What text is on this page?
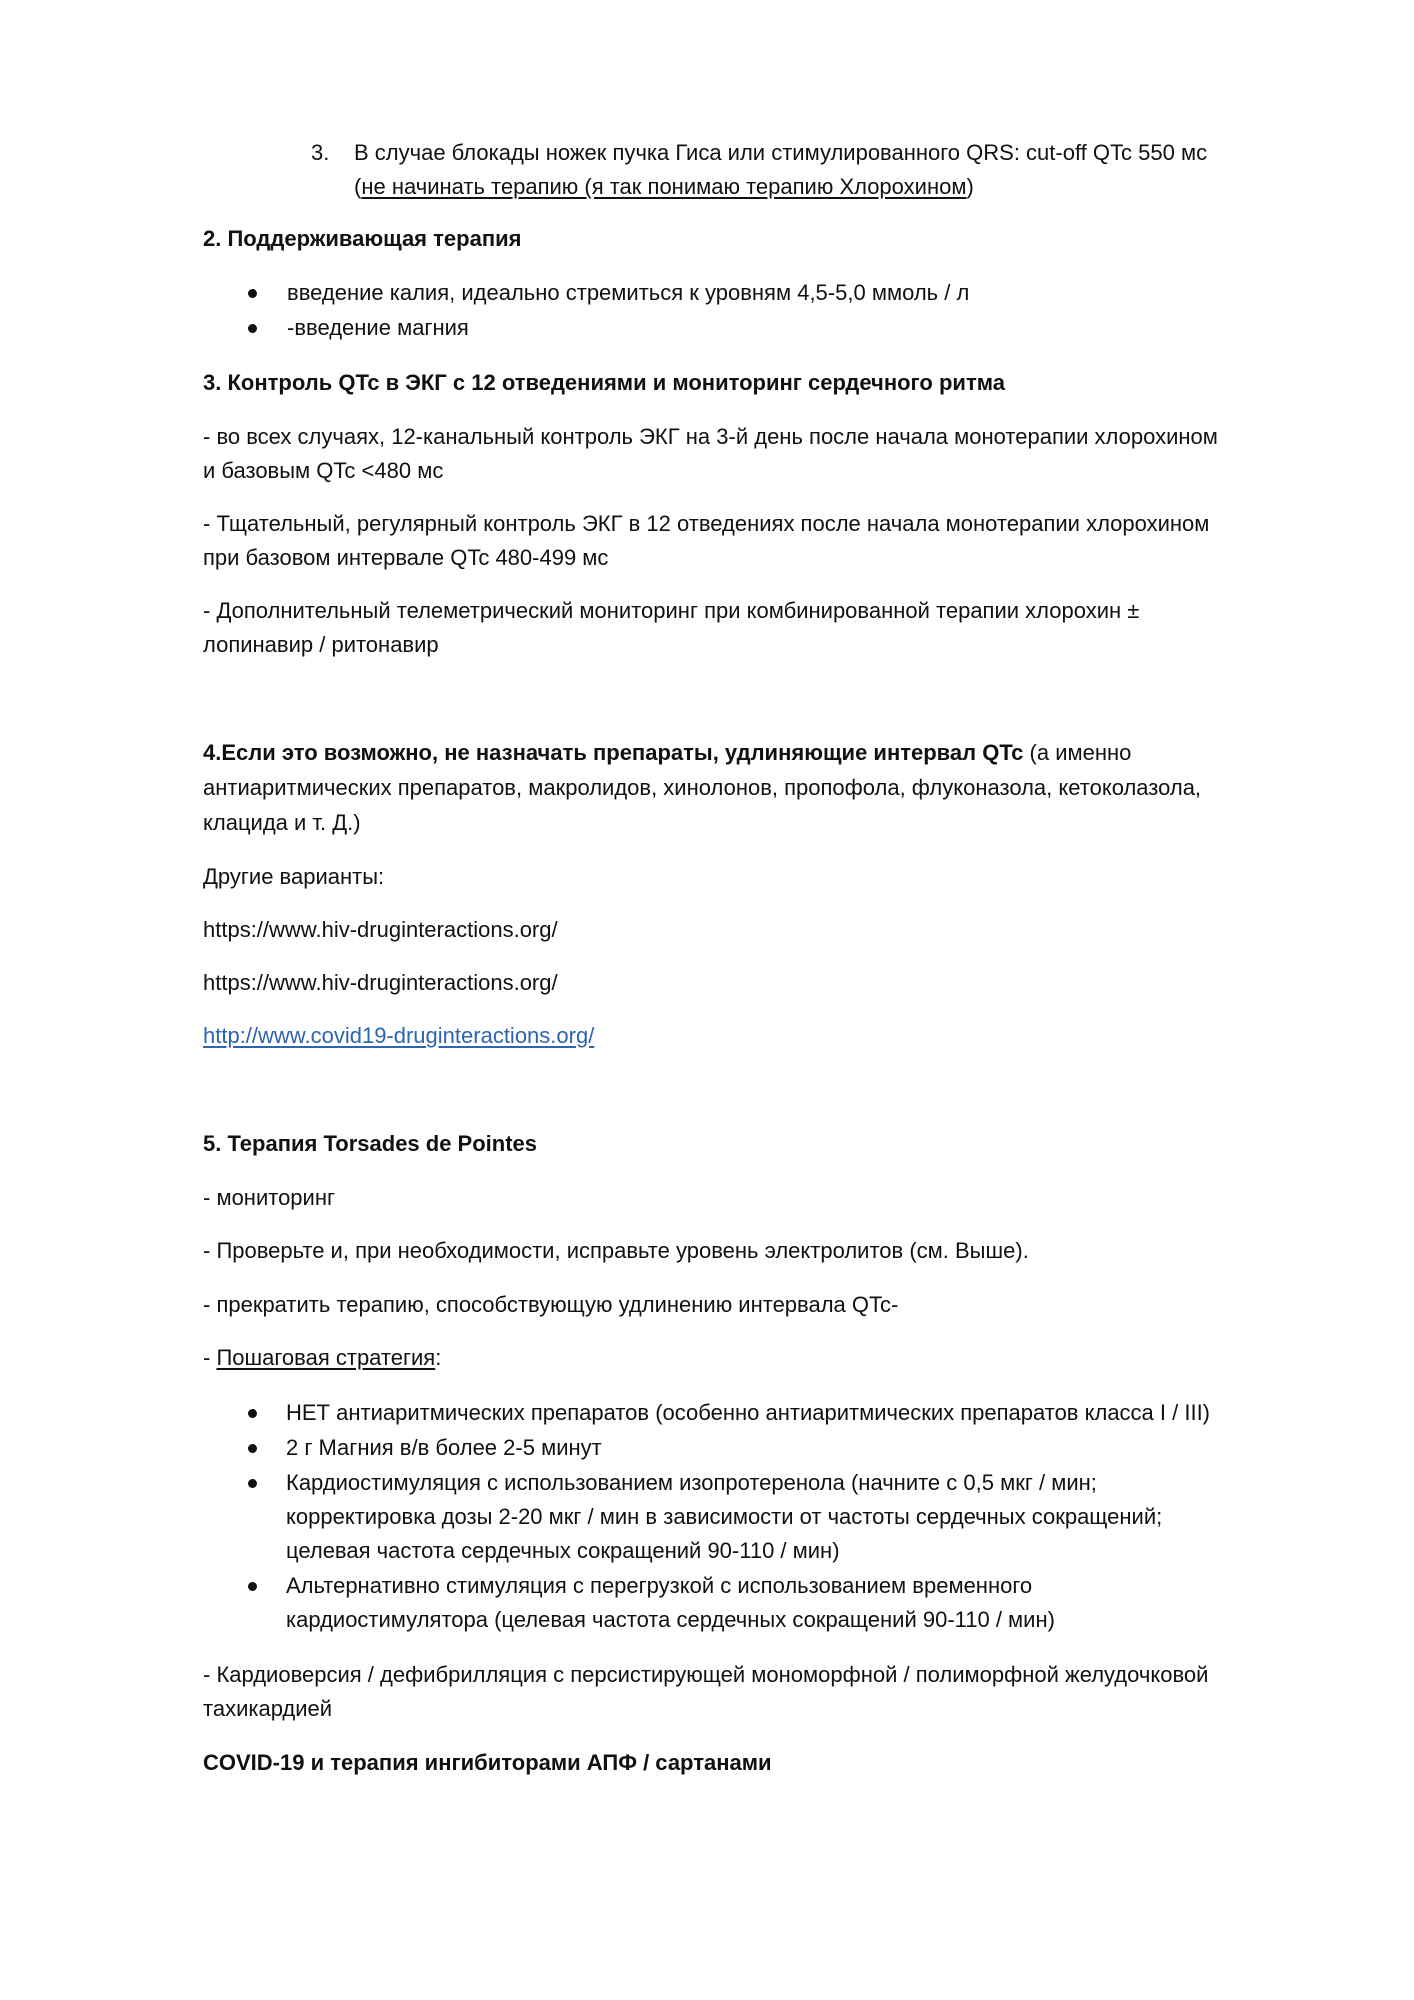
3. В случае блокады ножек пучка Гиса или стимулированного QRS: cut-off QTc 550 мс
(не начинать терапию (я так понимаю терапию Хлорохином)
2. Поддерживающая терапия
введение калия, идеально стремиться к уровням 4,5-5,0 ммоль / л
-введение магния
3. Контроль QTc в ЭКГ с 12 отведениями и мониторинг сердечного ритма
- во всех случаях, 12-канальный контроль ЭКГ на 3-й день после начала монотерапии хлорохином
и базовым QTc <480 мс
- Тщательный, регулярный контроль ЭКГ в 12 отведениях после начала монотерапии хлорохином
при базовом интервале QTc 480-499 мс
- Дополнительный телеметрический мониторинг при комбинированной терапии хлорохин ±
лопинавир / ритонавир
4.Если это возможно, не назначать препараты, удлиняющие интервал QTc (а именно
антиаритмических препаратов, макролидов, хинолонов, пропофола, флуконазола, кетоколазола,
клацида и т. Д.)
Другие варианты:
https://www.hiv-druginteractions.org/
https://www.hiv-druginteractions.org/
http://www.covid19-druginteractions.org/
5. Терапия Torsades de Pointes
- мониторинг
- Проверьте и, при необходимости, исправьте уровень электролитов (см. Выше).
- прекратить терапию, способствующую удлинению интервала QTc-
- Пошаговая стратегия:
НЕТ антиаритмических препаратов (особенно антиаритмических препаратов класса I / III)
2 г Магния в/в более 2-5 минут
Кардиостимуляция с использованием изопротеренола (начните с 0,5 мкг / мин;
корректировка дозы 2-20 мкг / мин в зависимости от частоты сердечных сокращений;
целевая частота сердечных сокращений 90-110 / мин)
Альтернативно стимуляция с перегрузкой с использованием временного
кардиостимулятора (целевая частота сердечных сокращений 90-110 / мин)
- Кардиоверсия / дефибрилляция с персистирующей мономорфной / полиморфной желудочковой
тахикардией
COVID-19 и терапия ингибиторами АПФ / сартанами
